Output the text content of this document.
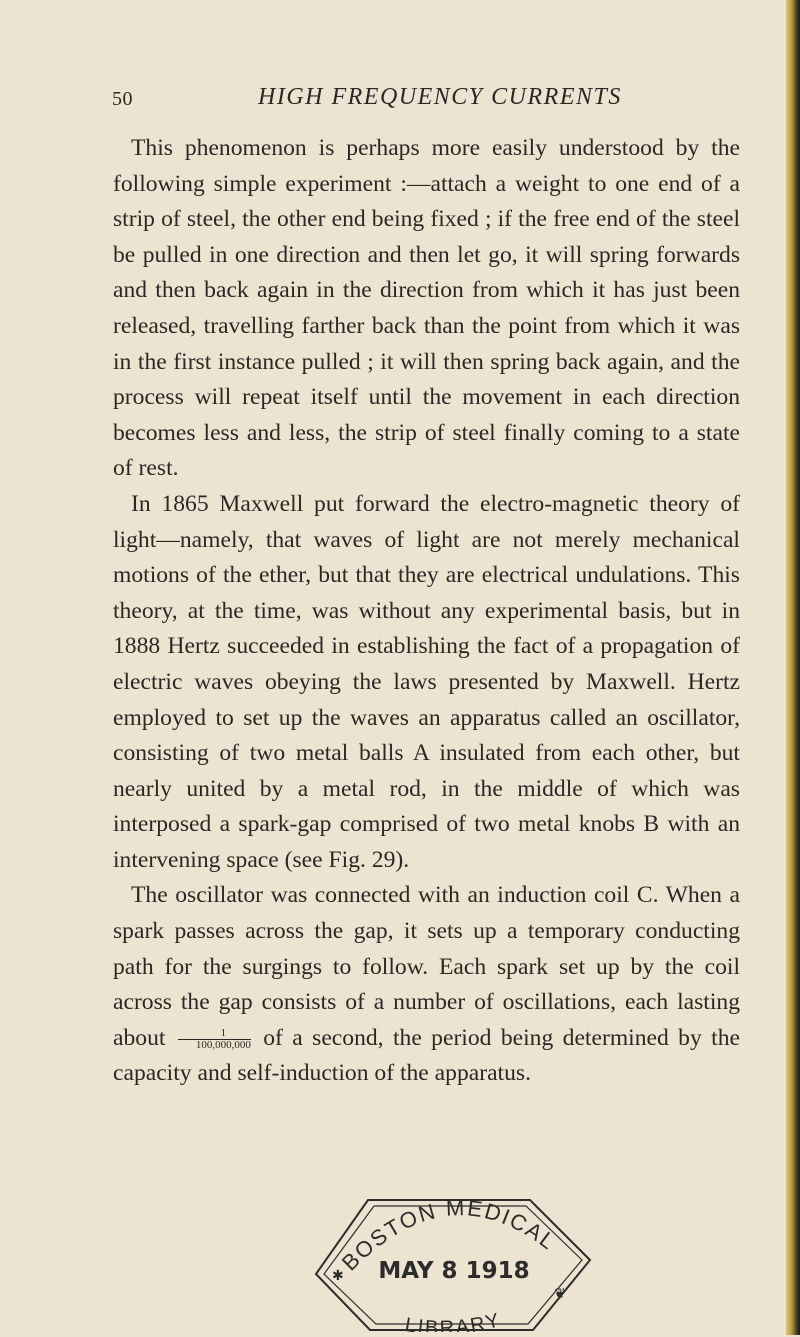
50	HIGH FREQUENCY CURRENTS

This phenomenon is perhaps more easily understood by the following simple experiment :—attach a weight to one end of a strip of steel, the other end being fixed ; if the free end of the steel be pulled in one direction and then let go, it will spring forwards and then back again in the direction from which it has just been released, travelling farther back than the point from which it was in the first instance pulled ; it will then spring back again, and the process will repeat itself until the movement in each direction becomes less and less, the strip of steel finally coming to a state of rest.

In 1865 Maxwell put forward the electro-magnetic theory of light—namely, that waves of light are not merely mechanical motions of the ether, but that they are electrical undulations. This theory, at the time, was without any experimental basis, but in 1888 Hertz succeeded in establishing the fact of a propagation of electric waves obeying the laws presented by Maxwell. Hertz employed to set up the waves an apparatus called an oscillator, consisting of two metal balls A insulated from each other, but nearly united by a metal rod, in the middle of which was interposed a spark-gap comprised of two metal knobs B with an intervening space (see Fig. 29).

The oscillator was connected with an induction coil C. When a spark passes across the gap, it sets up a temporary conducting path for the surgings to follow. Each spark set up by the coil across the gap consists of a number of oscillations, each lasting about $\frac{1}{100,000,000}$ of a second, the period being determined by the capacity and self-induction of the apparatus.

BOSTON MEDICAL
MAY 8 1918
LIBRARY
✱
❦
